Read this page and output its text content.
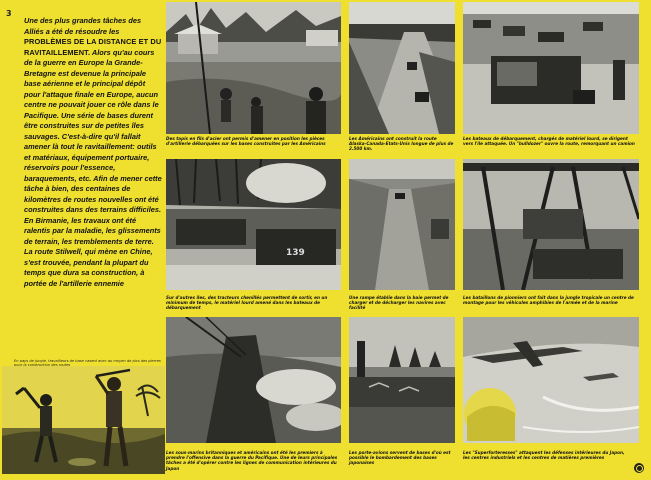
3
Une des plus grandes tâches des Alliés a été de résoudre les PROBLÈMES DE LA DISTANCE ET DU RAVITAILLEMENT. Alors qu'au cours de la guerre en Europe la Grande-Bretagne est devenue la principale base aérienne et le principal dépôt pour l'attaque finale en Europe, aucun centre ne pouvait jouer ce rôle dans le Pacifique. Une série de bases durent être construites sur de petites îles sauvages. C'est-à-dire qu'il fallait amener là tout le ravitaillement: outils et matériaux, équipement portuaire, réservoirs pour l'essence, baraquements, etc. Afin de mener cette tâche à bien, des centaines de kilomètres de routes nouvelles ont été construites dans des terrains difficiles. En Birmanie, les travaux ont été ralentis par la maladie, les glissements de terrain, les tremblements de terre. La route Stilwell, qui mène en Chine, s'est trouvée, pendant la plupart du temps que dura sa construction, à portée de l'artillerie ennemie
Des tapis en fils d'acier ont permis d'amener en position les pièces d'artillerie débarquées sur les bases construites par les Américains
Les Américains ont construit la route Alaska-Canada-Etats-Unis longue de plus de 2.500 km.
Les bateaux de débarquement, chargés de matériel lourd, se dirigent vers l'île attaquée. Un "bulldozer" ouvre la route, remorquant un camion
139
Sur d'autres îles, des tracteurs chenillés permettent de sortir, en un minimum de temps, le matériel lourd amené dans les bateaux de débarquement
Une rampe établie dans la baie permet de charger et de décharger les navires avec facilité
Les bataillons de pionniers ont fait dans la jungle tropicale un centre de montage pour les véhicules amphibies de l'armée et de la marine
Les sous-marins britanniques et américains ont été les premiers à prendre l'offensive dans la guerre du Pacifique. Une de leurs principales tâches a été d'opérer contre les lignes de communication intérieures du Japon
Les porte-avions servent de bases d'où est possible le bombardement des bases japonaises
Les "Superforteresses" attaquent les défenses intérieures du Japon, les centres industriels et les centres de matières premières
En pays de jungle, travailleurs de base casent avec au moyen de pics des pierres
